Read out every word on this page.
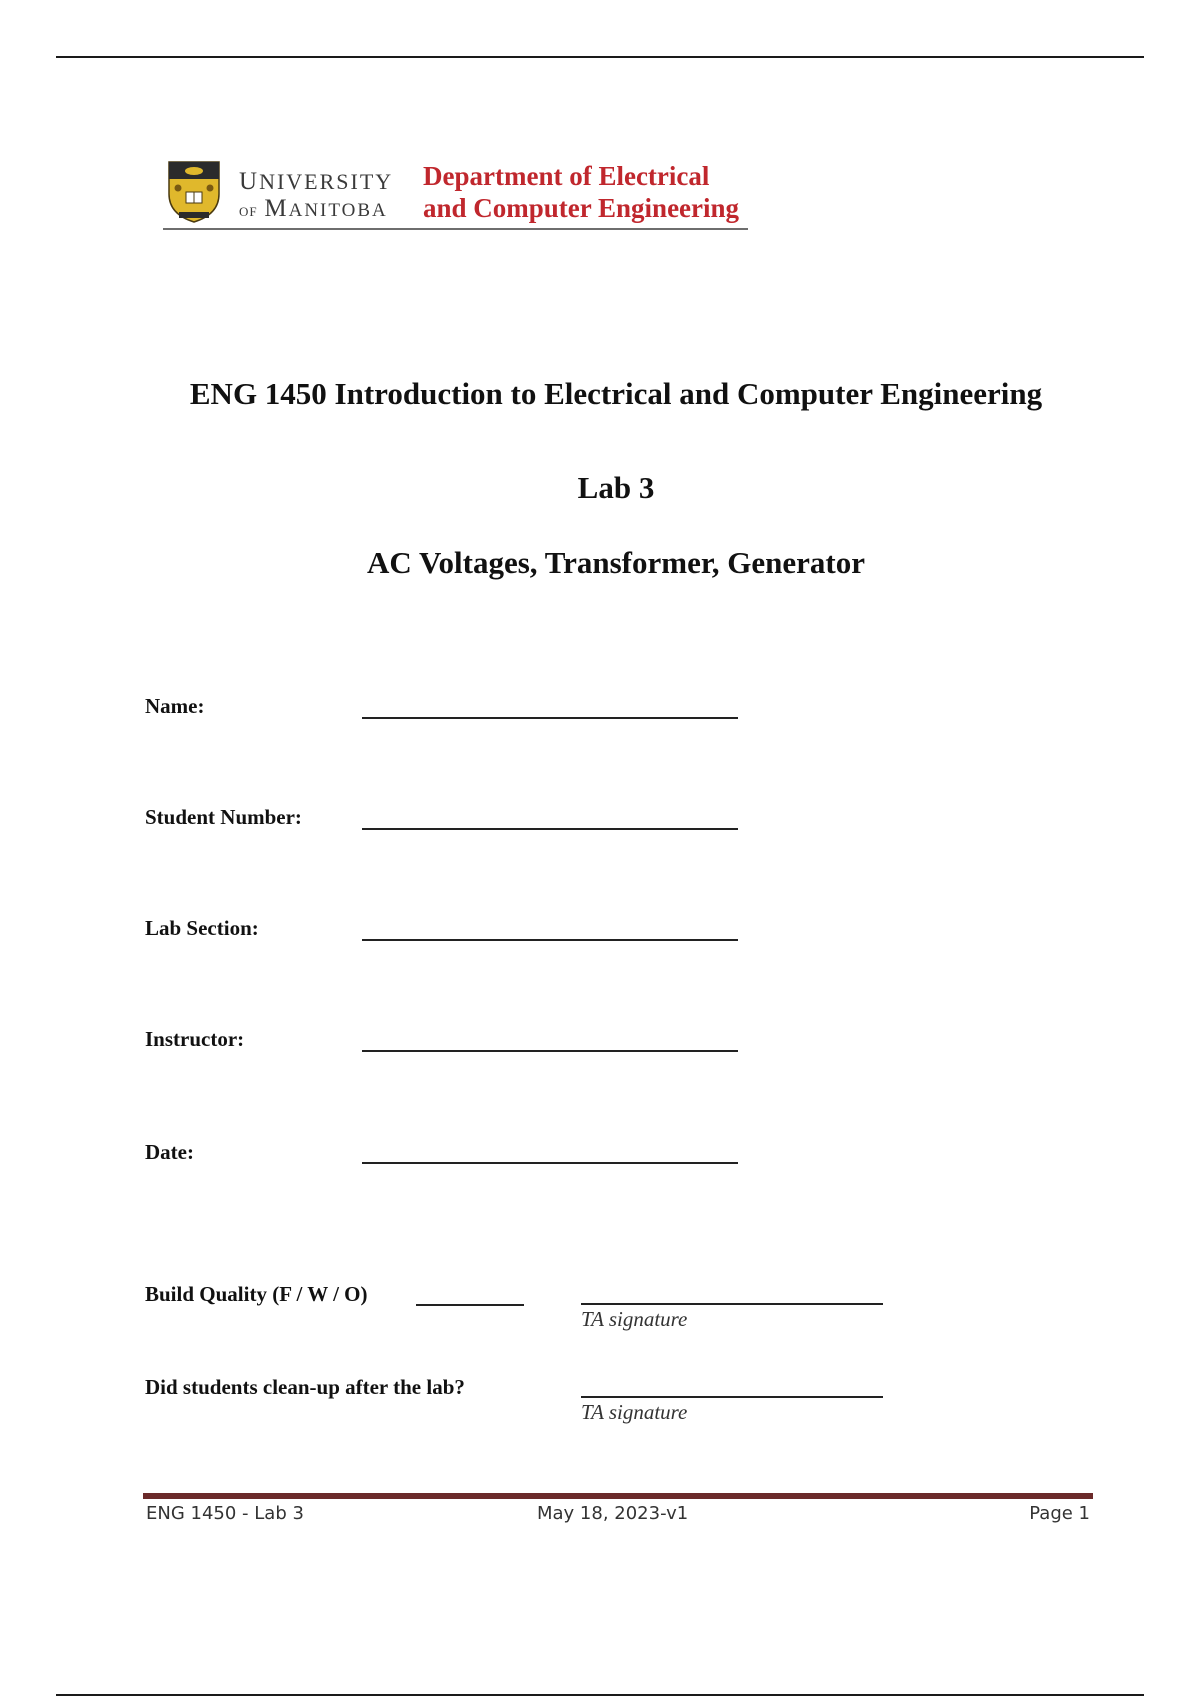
UNIVERSITY
OF MANITOBA
Department of Electrical
and Computer Engineering
ENG 1450 Introduction to Electrical and Computer Engineering
Lab 3
AC Voltages, Transformer, Generator
Name:
Student Number:
Lab Section:
Instructor:
Date:
Build Quality (F / W / O)
TA signature
Did students clean-up after the lab?
TA signature
ENG 1450 - Lab 3	May 18, 2023-v1	Page 1
